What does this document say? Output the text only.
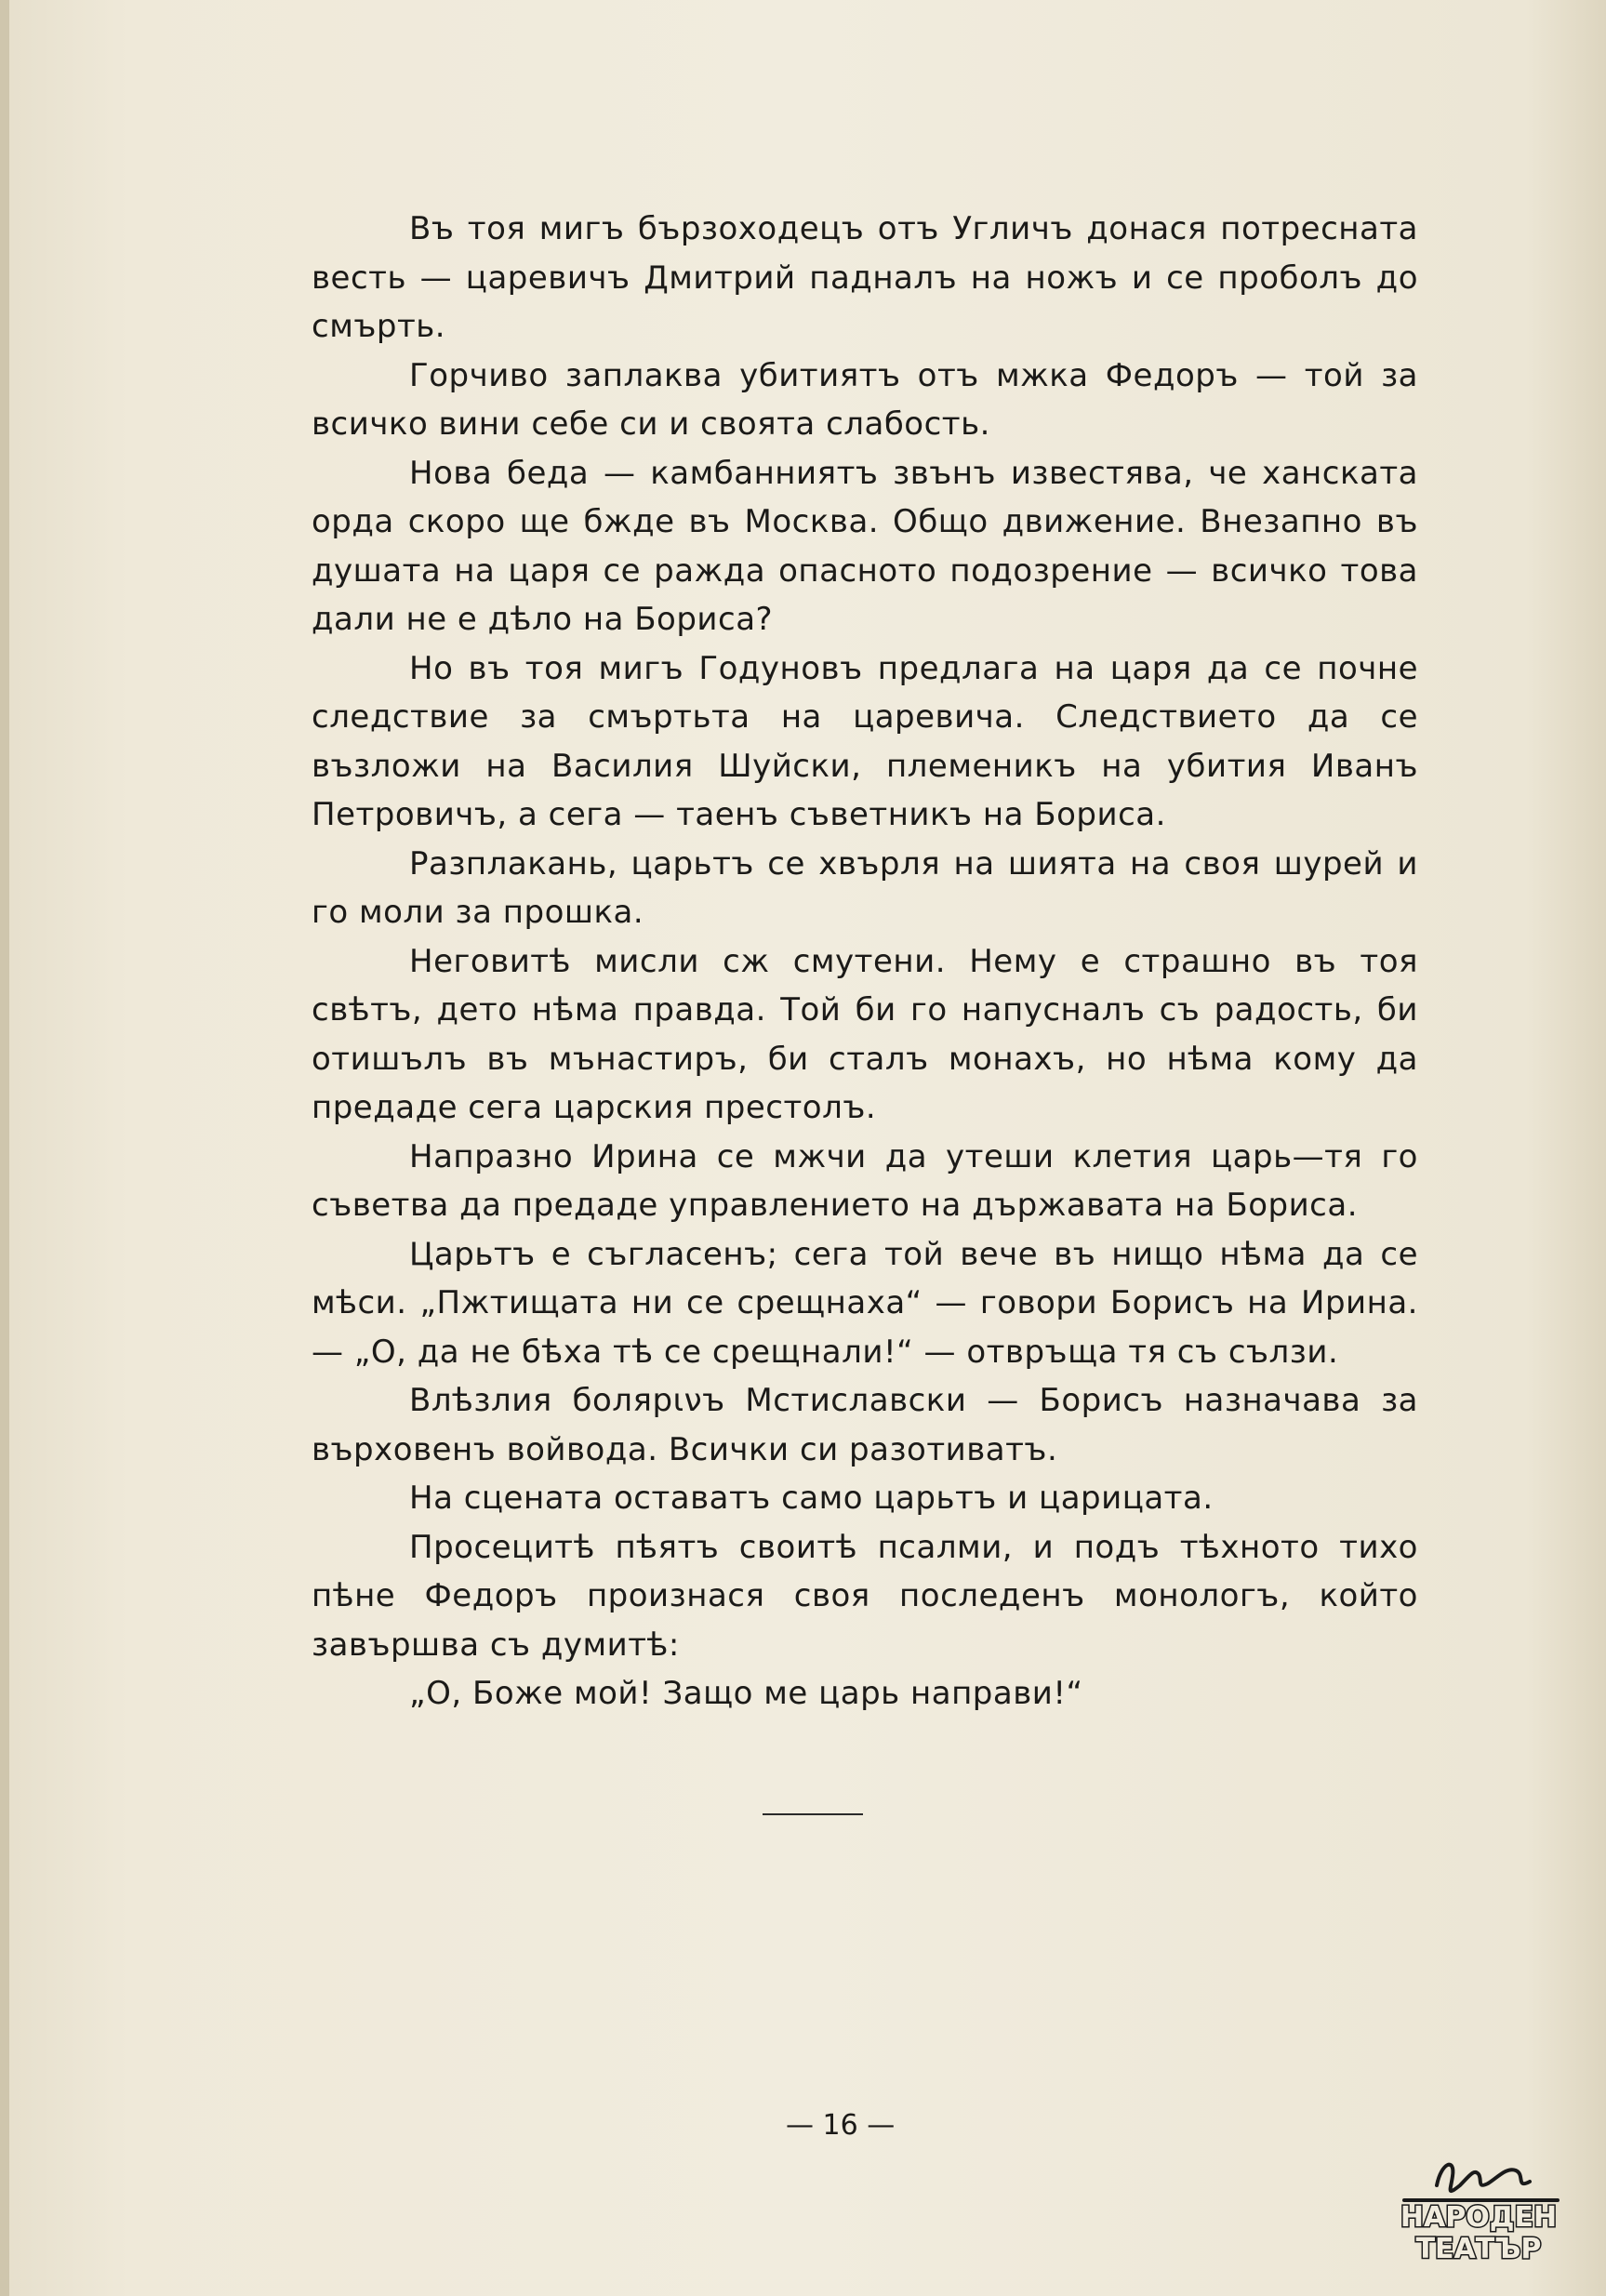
Въ тоя мигъ бързоходецъ отъ Угличъ донася потресната весть — царевичъ Дмитрий падналъ на ножъ и се проболъ до смърть.

Горчиво заплаква убитиятъ отъ мжка Федоръ — той за всичко вини себе си и своята слабость.

Нова беда — камбанниятъ звънъ известява, че ханската орда скоро ще бжде въ Москва. Общо движение. Внезапно въ душата на царя се ражда опасното подозрение — всичко това дали не е дѣло на Бориса?

Но въ тоя мигъ Годуновъ предлага на царя да се почне следствие за смъртьта на царевича. Следствието да се възложи на Василия Шуйски, племеникъ на убития Иванъ Петровичъ, а сега — таенъ съветникъ на Бориса.

Разплакань, царьтъ се хвърля на шията на своя шурей и го моли за прошка.

Неговитѣ мисли сж смутени. Нему е страшно въ тоя свѣтъ, дето нѣма правда. Той би го напусналъ съ радость, би отишълъ въ мънастиръ, би сталъ монахъ, но нѣма кому да предаде сега царския престолъ.

Напразно Ирина се мжчи да утеши клетия царь—тя го съветва да предаде управлението на държавата на Бориса.

Царьтъ е съгласенъ; сега той вече въ нищо нѣма да се мѣси. „Пжтищата ни се срещнаха“ — говори Борисъ на Ирина. — „О, да не бѣха тѣ се срещнали!“ — отвръща тя съ сълзи.

Влѣзлия болярινъ Мстиславски — Борисъ назначава за върховенъ войвода. Всички си разотиватъ.

На сцената оставатъ само царьтъ и царицата.

Просецитѣ пѣятъ своитѣ псалми, и подъ тѣхното тихо пѣне Федоръ произнася своя последенъ монологъ, който завършва съ думитѣ:

„О, Боже мой! Защо ме царь направи!“

— 16 —
НАРОДЕН
ТЕАТЪР
